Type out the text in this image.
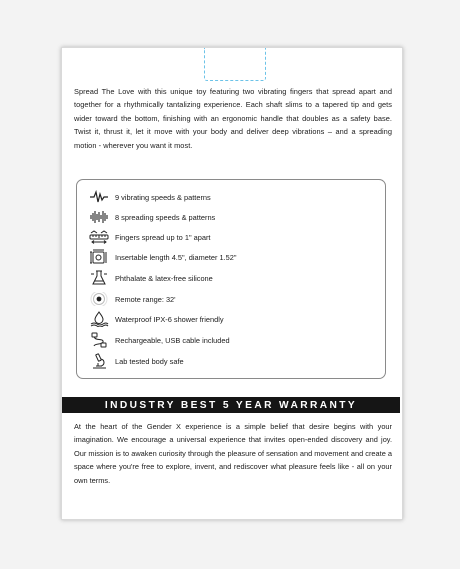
Spread The Love with this unique toy featuring two vibrating fingers that spread apart and together for a rhythmically tantalizing experience. Each shaft slims to a tapered tip and gets wider toward the bottom, finishing with an ergonomic handle that doubles as a safety base. Twist it, thrust it, let it move with your body and deliver deep vibrations – and a spreading motion - wherever you want it most.

9 vibrating speeds & patterns
8 spreading speeds & patterns
Fingers spread up to 1" apart
Insertable length 4.5", diameter 1.52"
Phthalate & latex-free silicone
Remote range: 32'
Waterproof IPX-6 shower friendly
Rechargeable, USB cable included
Lab tested body safe
INDUSTRY BEST 5 YEAR WARRANTY

At the heart of the Gender X experience is a simple belief that desire begins with your imagination. We encourage a universal experience that invites open-ended discovery and joy. Our mission is to awaken curiosity through the pleasure of sensation and movement and create a space where you're free to explore, invent, and rediscover what pleasure feels like - all on your own terms.
